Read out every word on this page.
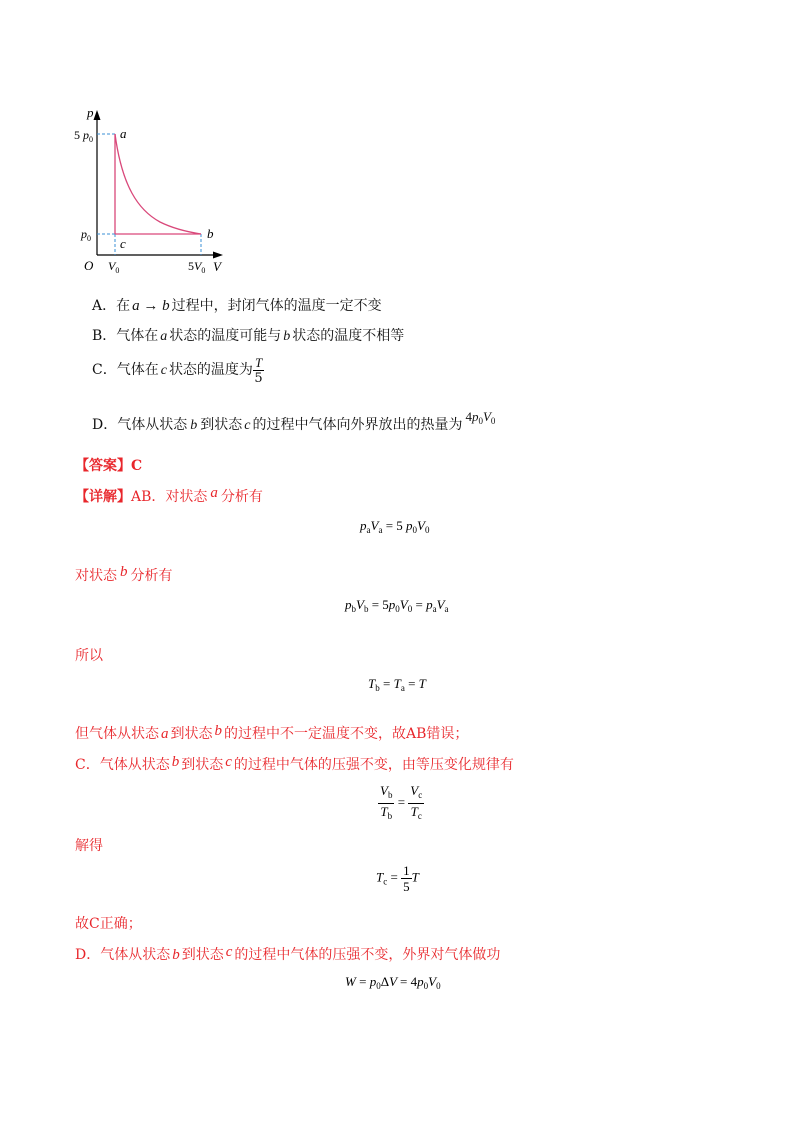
p
V
O
5 $p_0$
$p_0$
$V_0$	$5V_0$
a
b
c
A．在 a → b 过程中，封闭气体的温度一定不变
B．气体在 a 状态的温度可能与 b 状态的温度不相等
C．气体在 c 状态的温度为 $\frac{T}{5}$
D．气体从状态 b 到状态 c 的过程中气体向外界放出的热量为$4p_0V_0$
【答案】C
【详解】AB．对状态 a 分析有
$p_aV_a = 5$ $p_0V_0$
对状态 b 分析有
$p_bV_b = 5p_0V_0 = p_aV_a$
所以
$T_b = T_a = T$
但气体从状态 a 到状态 b 的过程中不一定温度不变，故AB错误；
C．气体从状态 b 到状态 c 的过程中气体的压强不变，由等压变化规律有
$\frac{V_b}{T_b} = \frac{V_c}{T_c}$
解得
$T_c = \frac{1}{5}$ T
故C正确；
D．气体从状态 b 到状态 c 的过程中气体的压强不变，外界对气体做功
$W = p_0\Delta V = 4p_0V_0$
